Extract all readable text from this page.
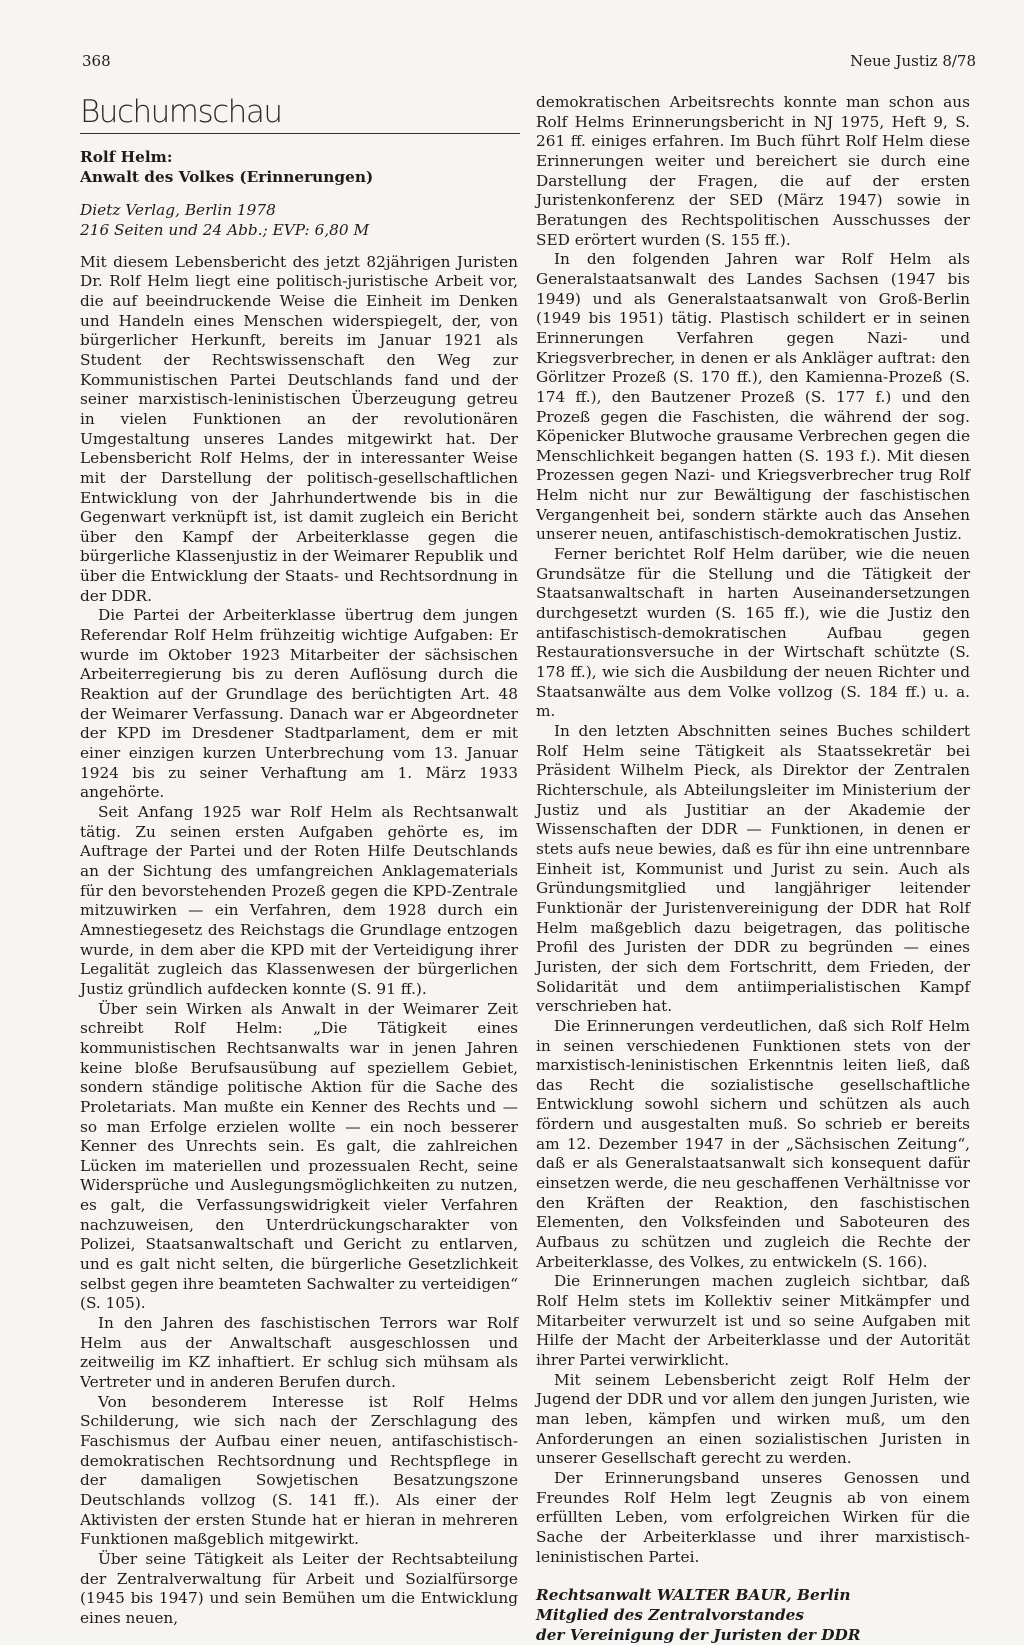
368	Neue Justiz 8/78
Buchumschau

Rolf Helm:

Anwalt des Volkes (Erinnerungen)

Dietz Verlag, Berlin 1978

216 Seiten und 24 Abb.; EVP: 6,80 M

Mit diesem Lebensbericht des jetzt 82jährigen Juristen Dr. Rolf Helm liegt eine politisch-juristische Arbeit vor, die auf beeindruckende Weise die Einheit im Denken und Handeln eines Menschen widerspiegelt, der, von bürgerlicher Herkunft, bereits im Januar 1921 als Student der Rechtswissenschaft den Weg zur Kommunistischen Partei Deutschlands fand und der seiner marxistisch-leninistischen Überzeugung getreu in vielen Funktionen an der revolutionären Umgestaltung unseres Landes mitgewirkt hat. Der Lebensbericht Rolf Helms, der in interessanter Weise mit der Darstellung der politisch-gesellschaftlichen Entwicklung von der Jahrhundertwende bis in die Gegenwart verknüpft ist, ist damit zugleich ein Bericht über den Kampf der Arbeiterklasse gegen die bürgerliche Klassenjustiz in der Weimarer Republik und über die Entwicklung der Staats- und Rechtsordnung in der DDR.

Die Partei der Arbeiterklasse übertrug dem jungen Referendar Rolf Helm frühzeitig wichtige Aufgaben: Er wurde im Oktober 1923 Mitarbeiter der sächsischen Arbeiterregierung bis zu deren Auflösung durch die Reaktion auf der Grundlage des berüchtigten Art. 48 der Weimarer Verfassung. Danach war er Abgeordneter der KPD im Dresdener Stadtparlament, dem er mit einer einzigen kurzen Unterbrechung vom 13. Januar 1924 bis zu seiner Verhaftung am 1. März 1933 angehörte.

Seit Anfang 1925 war Rolf Helm als Rechtsanwalt tätig. Zu seinen ersten Aufgaben gehörte es, im Auftrage der Partei und der Roten Hilfe Deutschlands an der Sichtung des umfangreichen Anklagematerials für den bevorstehenden Prozeß gegen die KPD-Zentrale mitzuwirken — ein Verfahren, dem 1928 durch ein Amnestiegesetz des Reichstags die Grundlage entzogen wurde, in dem aber die KPD mit der Verteidigung ihrer Legalität zugleich das Klassenwesen der bürgerlichen Justiz gründlich aufdecken konnte (S. 91 ff.).

Über sein Wirken als Anwalt in der Weimarer Zeit schreibt Rolf Helm: „Die Tätigkeit eines kommunistischen Rechtsanwalts war in jenen Jahren keine bloße Berufsausübung auf speziellem Gebiet, sondern ständige politische Aktion für die Sache des Proletariats. Man mußte ein Kenner des Rechts und — so man Erfolge erzielen wollte — ein noch besserer Kenner des Unrechts sein. Es galt, die zahlreichen Lücken im materiellen und prozessualen Recht, seine Widersprüche und Auslegungsmöglichkeiten zu nutzen, es galt, die Verfassungswidrigkeit vieler Verfahren nachzuweisen, den Unterdrückungscharakter von Polizei, Staatsanwaltschaft und Gericht zu entlarven, und es galt nicht selten, die bürgerliche Gesetzlichkeit selbst gegen ihre beamteten Sachwalter zu verteidigen“ (S. 105).

In den Jahren des faschistischen Terrors war Rolf Helm aus der Anwaltschaft ausgeschlossen und zeitweilig im KZ inhaftiert. Er schlug sich mühsam als Vertreter und in anderen Berufen durch.

Von besonderem Interesse ist Rolf Helms Schilderung, wie sich nach der Zerschlagung des Faschismus der Aufbau einer neuen, antifaschistisch-demokratischen Rechtsordnung und Rechtspflege in der damaligen Sowjetischen Besatzungszone Deutschlands vollzog (S. 141 ff.). Als einer der Aktivisten der ersten Stunde hat er hieran in mehreren Funktionen maßgeblich mitgewirkt.

Über seine Tätigkeit als Leiter der Rechtsabteilung der Zentralverwaltung für Arbeit und Sozialfürsorge (1945 bis 1947) und sein Bemühen um die Entwicklung eines neuen,

demokratischen Arbeitsrechts konnte man schon aus Rolf Helms Erinnerungsbericht in NJ 1975, Heft 9, S. 261 ff. einiges erfahren. Im Buch führt Rolf Helm diese Erinnerungen weiter und bereichert sie durch eine Darstellung der Fragen, die auf der ersten Juristenkonferenz der SED (März 1947) sowie in Beratungen des Rechtspolitischen Ausschusses der SED erörtert wurden (S. 155 ff.).

In den folgenden Jahren war Rolf Helm als Generalstaatsanwalt des Landes Sachsen (1947 bis 1949) und als Generalstaatsanwalt von Groß-Berlin (1949 bis 1951) tätig. Plastisch schildert er in seinen Erinnerungen Verfahren gegen Nazi- und Kriegsverbrecher, in denen er als Ankläger auftrat: den Görlitzer Prozeß (S. 170 ff.), den Kamienna-Prozeß (S. 174 ff.), den Bautzener Prozeß (S. 177 f.) und den Prozeß gegen die Faschisten, die während der sog. Köpenicker Blutwoche grausame Verbrechen gegen die Menschlichkeit begangen hatten (S. 193 f.). Mit diesen Prozessen gegen Nazi- und Kriegsverbrecher trug Rolf Helm nicht nur zur Bewältigung der faschistischen Vergangenheit bei, sondern stärkte auch das Ansehen unserer neuen, antifaschistisch-demokratischen Justiz.

Ferner berichtet Rolf Helm darüber, wie die neuen Grundsätze für die Stellung und die Tätigkeit der Staatsanwaltschaft in harten Auseinandersetzungen durchgesetzt wurden (S. 165 ff.), wie die Justiz den antifaschistisch-demokratischen Aufbau gegen Restaurationsversuche in der Wirtschaft schützte (S. 178 ff.), wie sich die Ausbildung der neuen Richter und Staatsanwälte aus dem Volke vollzog (S. 184 ff.) u. a. m.

In den letzten Abschnitten seines Buches schildert Rolf Helm seine Tätigkeit als Staatssekretär bei Präsident Wilhelm Pieck, als Direktor der Zentralen Richterschule, als Abteilungsleiter im Ministerium der Justiz und als Justitiar an der Akademie der Wissenschaften der DDR — Funktionen, in denen er stets aufs neue bewies, daß es für ihn eine untrennbare Einheit ist, Kommunist und Jurist zu sein. Auch als Gründungsmitglied und langjähriger leitender Funktionär der Juristenvereinigung der DDR hat Rolf Helm maßgeblich dazu beigetragen, das politische Profil des Juristen der DDR zu begründen — eines Juristen, der sich dem Fortschritt, dem Frieden, der Solidarität und dem antiimperialistischen Kampf verschrieben hat.

Die Erinnerungen verdeutlichen, daß sich Rolf Helm in seinen verschiedenen Funktionen stets von der marxistisch-leninistischen Erkenntnis leiten ließ, daß das Recht die sozialistische gesellschaftliche Entwicklung sowohl sichern und schützen als auch fördern und ausgestalten muß. So schrieb er bereits am 12. Dezember 1947 in der „Sächsischen Zeitung“, daß er als Generalstaatsanwalt sich konsequent dafür einsetzen werde, die neu geschaffenen Verhältnisse vor den Kräften der Reaktion, den faschistischen Elementen, den Volksfeinden und Saboteuren des Aufbaus zu schützen und zugleich die Rechte der Arbeiterklasse, des Volkes, zu entwickeln (S. 166).

Die Erinnerungen machen zugleich sichtbar, daß Rolf Helm stets im Kollektiv seiner Mitkämpfer und Mitarbeiter verwurzelt ist und so seine Aufgaben mit Hilfe der Macht der Arbeiterklasse und der Autorität ihrer Partei verwirklicht.

Mit seinem Lebensbericht zeigt Rolf Helm der Jugend der DDR und vor allem den jungen Juristen, wie man leben, kämpfen und wirken muß, um den Anforderungen an einen sozialistischen Juristen in unserer Gesellschaft gerecht zu werden.

Der Erinnerungsband unseres Genossen und Freundes Rolf Helm legt Zeugnis ab von einem erfüllten Leben, vom erfolgreichen Wirken für die Sache der Arbeiterklasse und ihrer marxistisch-leninistischen Partei.

Rechtsanwalt WALTER BAUR, Berlin

Mitglied des Zentralvorstandes

der Vereinigung der Juristen der DDR
